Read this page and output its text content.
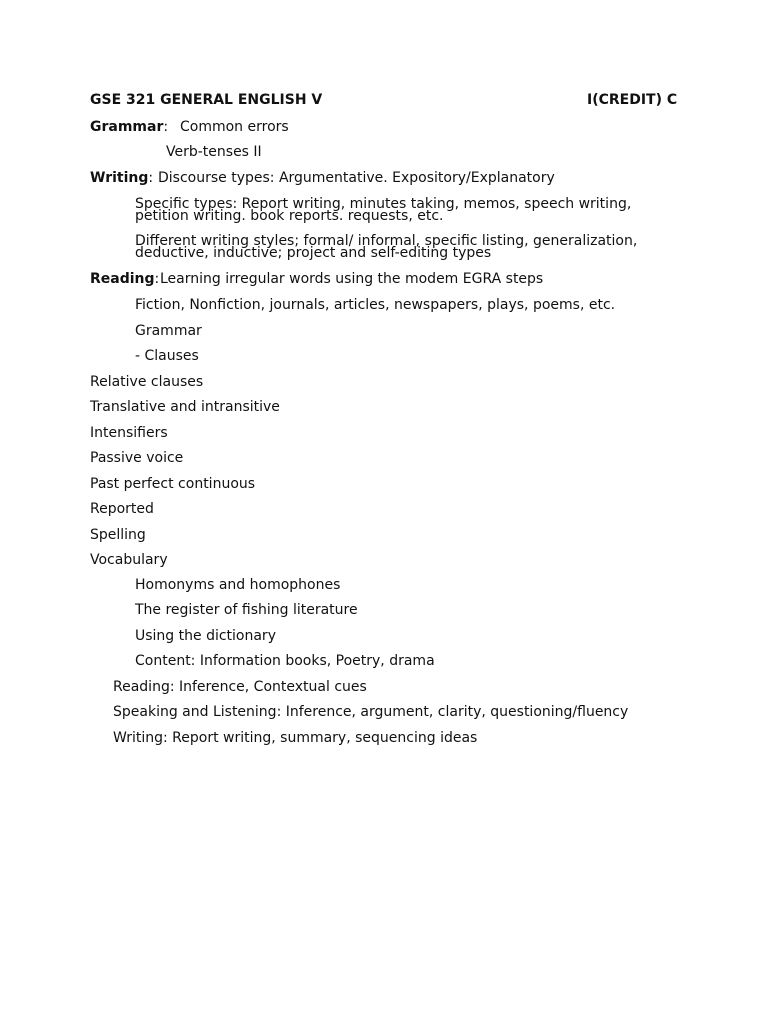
GSE 321 GENERAL ENGLISH V	I(CREDIT) C
Grammar: Common errors
Verb-tenses II
Writing: Discourse types: Argumentative. Expository/Explanatory
Specific types: Report writing, minutes taking, memos, speech writing,
petition writing. book reports. requests, etc.
Different writing styles; formal/ informal, specific listing, generalization,
deductive, inductive; project and self-editing types
Reading: Learning irregular words using the modem EGRA steps
Fiction, Nonfiction, journals, articles, newspapers, plays, poems, etc.
Grammar
- Clauses
Relative clauses
Translative and intransitive
Intensifiers
Passive voice
Past perfect continuous
Reported
Spelling
Vocabulary
Homonyms and homophones
The register of fishing literature
Using the dictionary
Content: Information books, Poetry, drama
Reading: Inference, Contextual cues
Speaking and Listening: Inference, argument, clarity, questioning/fluency
Writing: Report writing, summary, sequencing ideas
